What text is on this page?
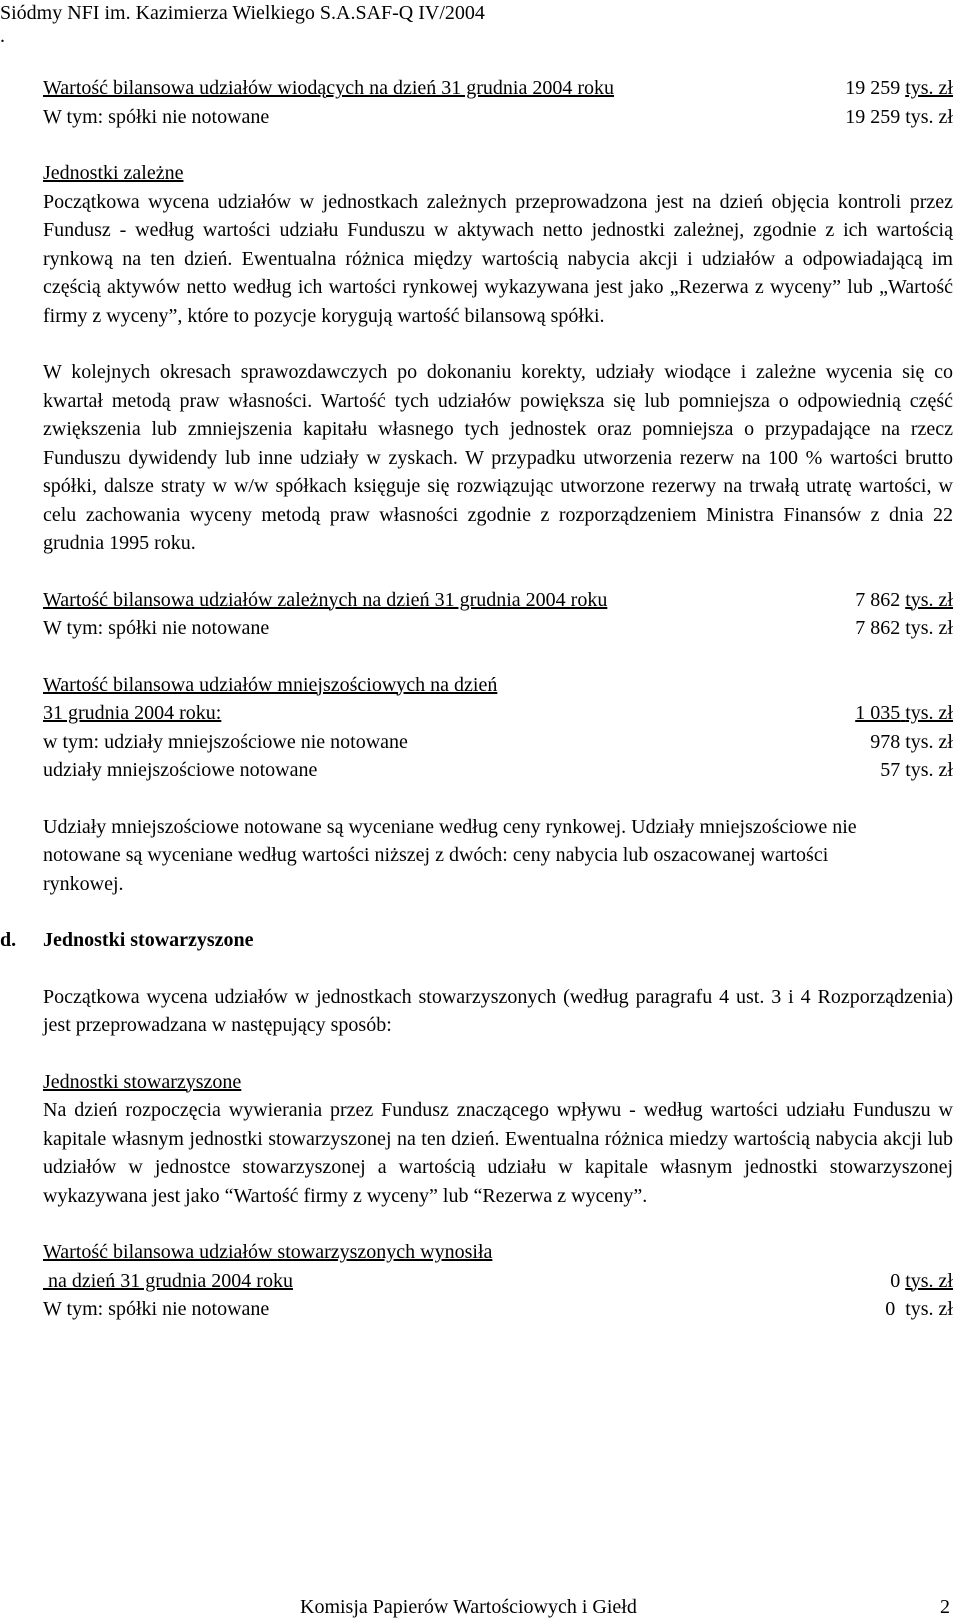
Siódmy NFI im. Kazimierza Wielkiego S.A.SAF-Q IV/2004
.
Wartość bilansowa udziałów wiodących na dzień 31 grudnia 2004 roku	19 259 tys. zł
W tym: spółki nie notowane	19 259 tys. zł
Jednostki zależne

Początkowa wycena udziałów w jednostkach zależnych przeprowadzona jest na dzień objęcia kontroli przez Fundusz - według wartości udziału Funduszu w aktywach netto jednostki zależnej, zgodnie z ich wartością rynkową na ten dzień. Ewentualna różnica między wartością nabycia akcji i udziałów a odpowiadającą im częścią aktywów netto według ich wartości rynkowej wykazywana jest jako „Rezerwa z wyceny” lub „Wartość firmy z wyceny”, które to pozycje korygują wartość bilansową spółki.

W kolejnych okresach sprawozdawczych po dokonaniu korekty, udziały wiodące i zależne wycenia się co kwartał metodą praw własności. Wartość tych udziałów powiększa się lub pomniejsza o odpowiednią część zwiększenia lub zmniejszenia kapitału własnego tych jednostek oraz pomniejsza o przypadające na rzecz Funduszu dywidendy lub inne udziały w zyskach. W przypadku utworzenia rezerw na 100 % wartości brutto spółki, dalsze straty w w/w spółkach księguje się rozwiązując utworzone rezerwy na trwałą utratę wartości, w celu zachowania wyceny metodą praw własności zgodnie z rozporządzeniem Ministra Finansów z dnia 22 grudnia 1995 roku.

Wartość bilansowa udziałów zależnych na dzień 31 grudnia 2004 roku	7 862 tys. zł
W tym: spółki nie notowane	7 862 tys. zł
Wartość bilansowa udziałów mniejszościowych na dzień
31 grudnia 2004 roku:	1 035 tys. zł
w tym: udziały mniejszościowe nie notowane	978 tys. zł
udziały mniejszościowe notowane	57 tys. zł

Udziały mniejszościowe notowane są wyceniane według ceny rynkowej. Udziały mniejszościowe nie notowane są wyceniane według wartości niższej z dwóch: ceny nabycia lub oszacowanej wartości rynkowej.

d. Jednostki stowarzyszone

Początkowa wycena udziałów w jednostkach stowarzyszonych (według paragrafu 4 ust. 3 i 4 Rozporządzenia) jest przeprowadzana w następujący sposób:

Jednostki stowarzyszone

Na dzień rozpoczęcia wywierania przez Fundusz znaczącego wpływu - według wartości udziału Funduszu w kapitale własnym jednostki stowarzyszonej na ten dzień. Ewentualna różnica miedzy wartością nabycia akcji lub udziałów w jednostce stowarzyszonej a wartością udziału w kapitale własnym jednostki stowarzyszonej wykazywana jest jako “Wartość firmy z wyceny” lub “Rezerwa z wyceny”.

Wartość bilansowa udziałów stowarzyszonych wynosiła
na dzień 31 grudnia 2004 roku	0 tys. zł
W tym: spółki nie notowane	0 tys. zł
Komisja Papierów Wartościowych i Giełd	2
